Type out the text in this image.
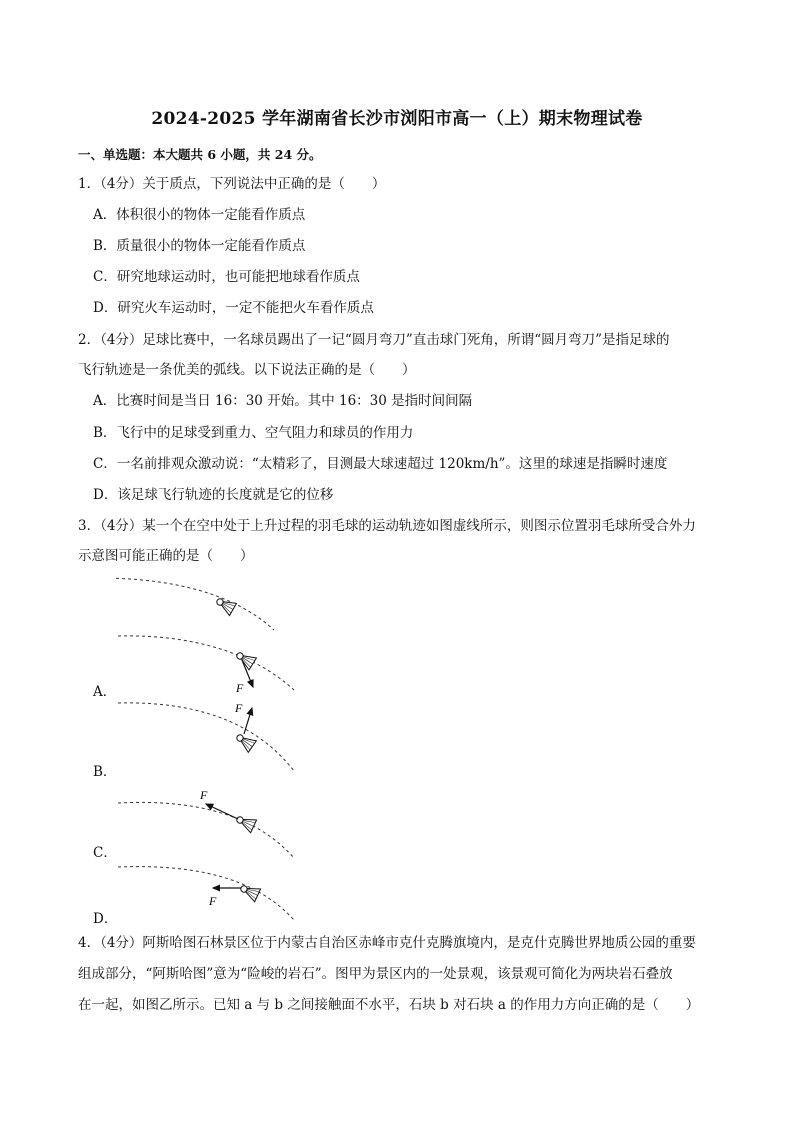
2024-2025 学年湖南省长沙市浏阳市高一（上）期末物理试卷
一、单选题：本大题共 6 小题，共 24 分。
1．（4分）关于质点，下列说法中正确的是（　　）
A．体积很小的物体一定能看作质点
B．质量很小的物体一定能看作质点
C．研究地球运动时，也可能把地球看作质点
D．研究火车运动时，一定不能把火车看作质点
2．（4分）足球比赛中，一名球员踢出了一记“圆月弯刀”直击球门死角，所谓“圆月弯刀”是指足球的
飞行轨迹是一条优美的弧线。以下说法正确的是（　　）
A．比赛时间是当日 16：30 开始。其中 16：30 是指时间间隔
B．飞行中的足球受到重力、空气阻力和球员的作用力
C．一名前排观众激动说：“太精彩了，目测最大球速超过 120km/h”。这里的球速是指瞬时速度
D．该足球飞行轨迹的长度就是它的位移
3．（4分）某一个在空中处于上升过程的羽毛球的运动轨迹如图虚线所示，则图示位置羽毛球所受合外力
示意图可能正确的是（　　）
F
F
F
F
A．
B．
C．
D．
4．（4分）阿斯哈图石林景区位于内蒙古自治区赤峰市克什克腾旗境内，是克什克腾世界地质公园的重要
组成部分，“阿斯哈图”意为“险峻的岩石”。图甲为景区内的一处景观，该景观可简化为两块岩石叠放
在一起，如图乙所示。已知 a 与 b 之间接触面不水平，石块 b 对石块 a 的作用力方向正确的是（　　）
